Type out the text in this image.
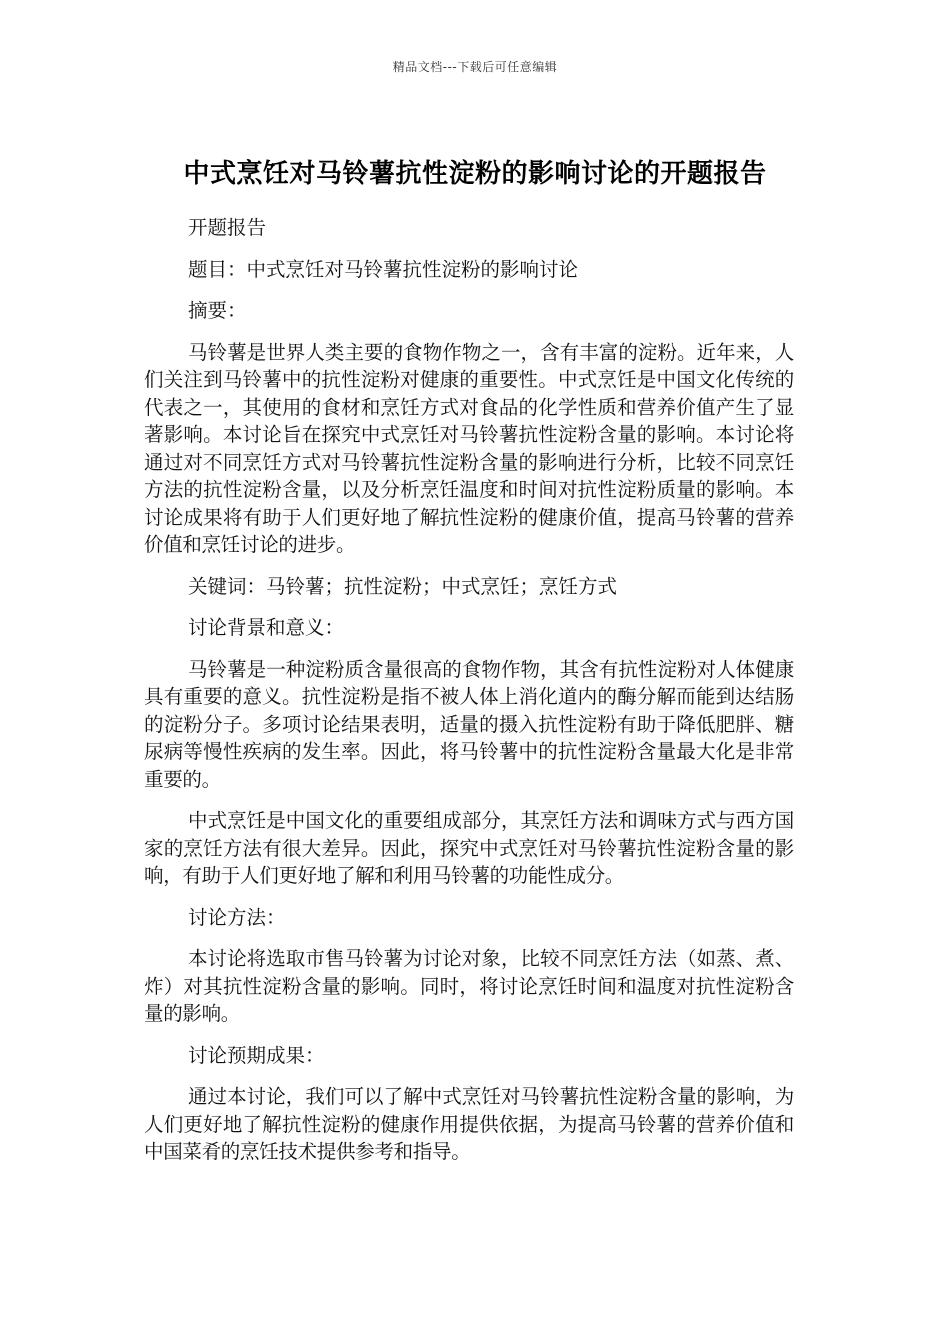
精品文档---下载后可任意编辑
中式烹饪对马铃薯抗性淀粉的影响讨论的开题报告

开题报告

题目：中式烹饪对马铃薯抗性淀粉的影响讨论

摘要：

马铃薯是世界人类主要的食物作物之一，含有丰富的淀粉。近年来，人们关注到马铃薯中的抗性淀粉对健康的重要性。中式烹饪是中国文化传统的代表之一，其使用的食材和烹饪方式对食品的化学性质和营养价值产生了显著影响。本讨论旨在探究中式烹饪对马铃薯抗性淀粉含量的影响。本讨论将通过对不同烹饪方式对马铃薯抗性淀粉含量的影响进行分析，比较不同烹饪方法的抗性淀粉含量，以及分析烹饪温度和时间对抗性淀粉质量的影响。本讨论成果将有助于人们更好地了解抗性淀粉的健康价值，提高马铃薯的营养价值和烹饪讨论的进步。

关键词：马铃薯；抗性淀粉；中式烹饪；烹饪方式

讨论背景和意义：

马铃薯是一种淀粉质含量很高的食物作物，其含有抗性淀粉对人体健康具有重要的意义。抗性淀粉是指不被人体上消化道内的酶分解而能到达结肠的淀粉分子。多项讨论结果表明，适量的摄入抗性淀粉有助于降低肥胖、糖尿病等慢性疾病的发生率。因此，将马铃薯中的抗性淀粉含量最大化是非常重要的。

中式烹饪是中国文化的重要组成部分，其烹饪方法和调味方式与西方国家的烹饪方法有很大差异。因此，探究中式烹饪对马铃薯抗性淀粉含量的影响，有助于人们更好地了解和利用马铃薯的功能性成分。

讨论方法：

本讨论将选取市售马铃薯为讨论对象，比较不同烹饪方法（如蒸、煮、炸）对其抗性淀粉含量的影响。同时，将讨论烹饪时间和温度对抗性淀粉含量的影响。

讨论预期成果：

通过本讨论，我们可以了解中式烹饪对马铃薯抗性淀粉含量的影响，为人们更好地了解抗性淀粉的健康作用提供依据，为提高马铃薯的营养价值和中国菜肴的烹饪技术提供参考和指导。
